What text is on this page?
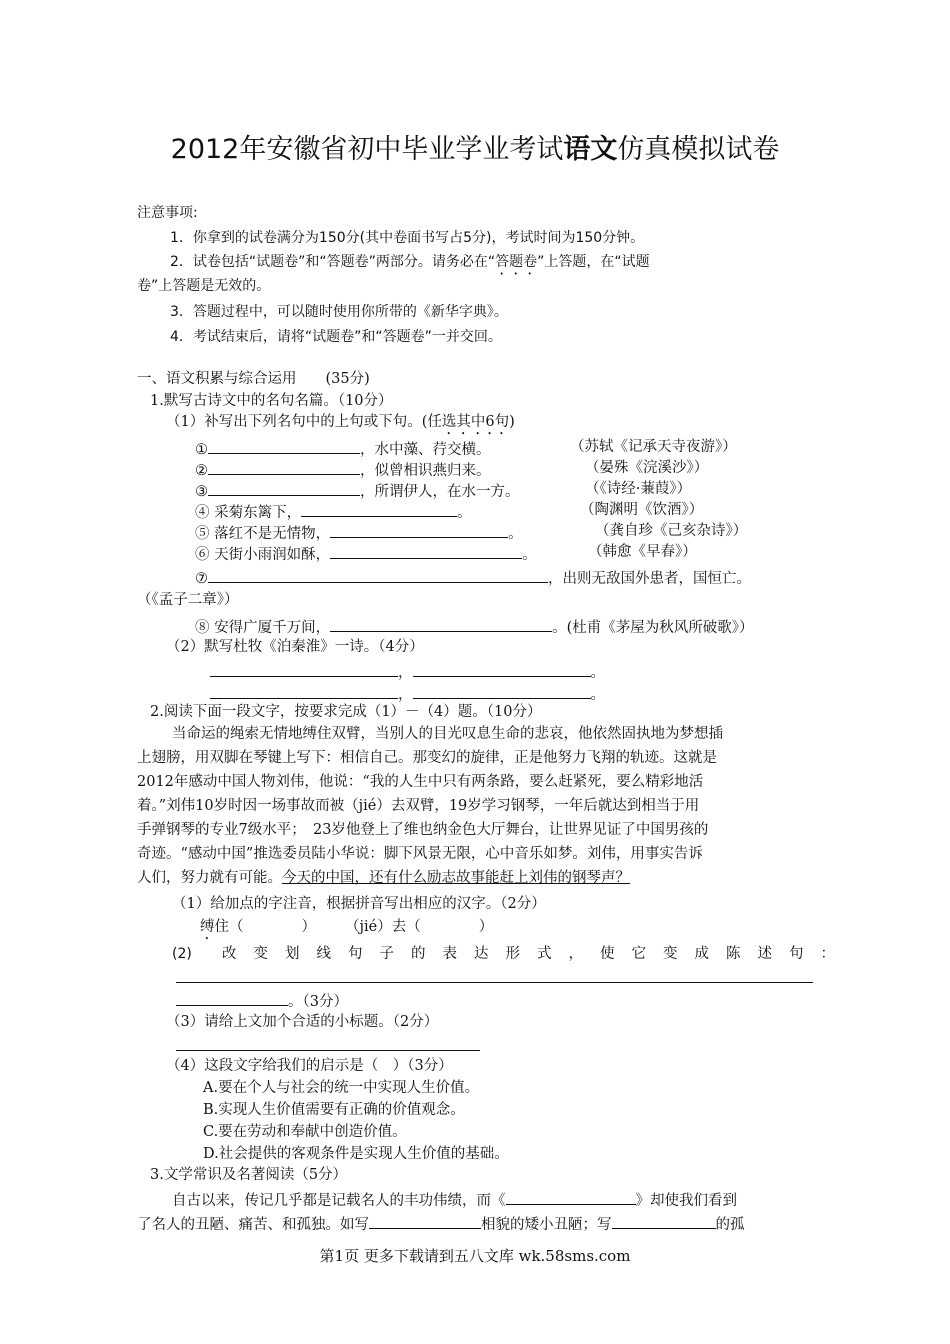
2012年安徽省初中毕业学业考试语文仿真模拟试卷
注意事项:
1．你拿到的试卷满分为150分(其中卷面书写占5分)，考试时间为150分钟。
2．试卷包括“试题卷”和“答题卷”两部分。请务必在“答题卷”上答题，在“试题
卷”上答题是无效的。
3．答题过程中，可以随时使用你所带的《新华字典》。
4．考试结束后，请将“试题卷”和“答题卷”一并交回。
一、语文积累与综合运用　　(35分)
1.默写古诗文中的名句名篇。（10分）
（1）补写出下列名句中的上句或下句。(任选其中6句)
①	，水中藻、荇交横。	（苏轼《记承天寺夜游》）
②	，似曾相识燕归来。	（晏殊《浣溪沙》）
③	，所谓伊人，在水一方。	（《诗经·蒹葭》）
④ 采菊东篱下，	。	（陶渊明《饮酒》）
⑤ 落红不是无情物，	。	（龚自珍《己亥杂诗》）
⑥ 天街小雨润如酥，	。	（韩愈《早春》）
⑦	，出则无敌国外患者，国恒亡。
（《孟子二章》）
⑧ 安得广厦千万间，	。(杜甫《茅屋为秋风所破歌》）
（2）默写杜牧《泊秦淮》一诗。（4分）
，	。
，	。
2.阅读下面一段文字，按要求完成（1）－（4）题。（10分）
当命运的绳索无情地缚住双臂，当别人的目光叹息生命的悲哀，他依然固执地为梦想插
上翅膀，用双脚在琴键上写下：相信自己。那变幻的旋律，正是他努力飞翔的轨迹。这就是
2012年感动中国人物刘伟，他说：“我的人生中只有两条路，要么赶紧死，要么精彩地活
着。”刘伟10岁时因一场事故而被（jié）去双臂，19岁学习钢琴，一年后就达到相当于用
手弹钢琴的专业7级水平；　23岁他登上了维也纳金色大厅舞台，让世界见证了中国男孩的
奇迹。“感动中国”推选委员陆小华说：脚下风景无限，心中音乐如梦。刘伟，用事实告诉
人们，努力就有可能。今天的中国，还有什么励志故事能赶上刘伟的钢琴声？
（1）给加点的字注音，根据拼音写出相应的汉字。（2分）
缚住（　　　　）　　　（jié）去（　　　　）
(2) 改变划线句子的表达形式，使它变成陈述句：
。（3分）
（3）请给上文加个合适的小标题。（2分）
（4）这段文字给我们的启示是（　）（3分）
A.要在个人与社会的统一中实现人生价值。
B.实现人生价值需要有正确的价值观念。
C.要在劳动和奉献中创造价值。
D.社会提供的客观条件是实现人生价值的基础。
3.文学常识及名著阅读（5分）
自古以来，传记几乎都是记载名人的丰功伟绩，而《	》却使我们看到
了名人的丑陋、痛苦、和孤独。如写	相貌的矮小丑陋；写	的孤
第1页 更多下载请到五八文库 wk.58sms.com
